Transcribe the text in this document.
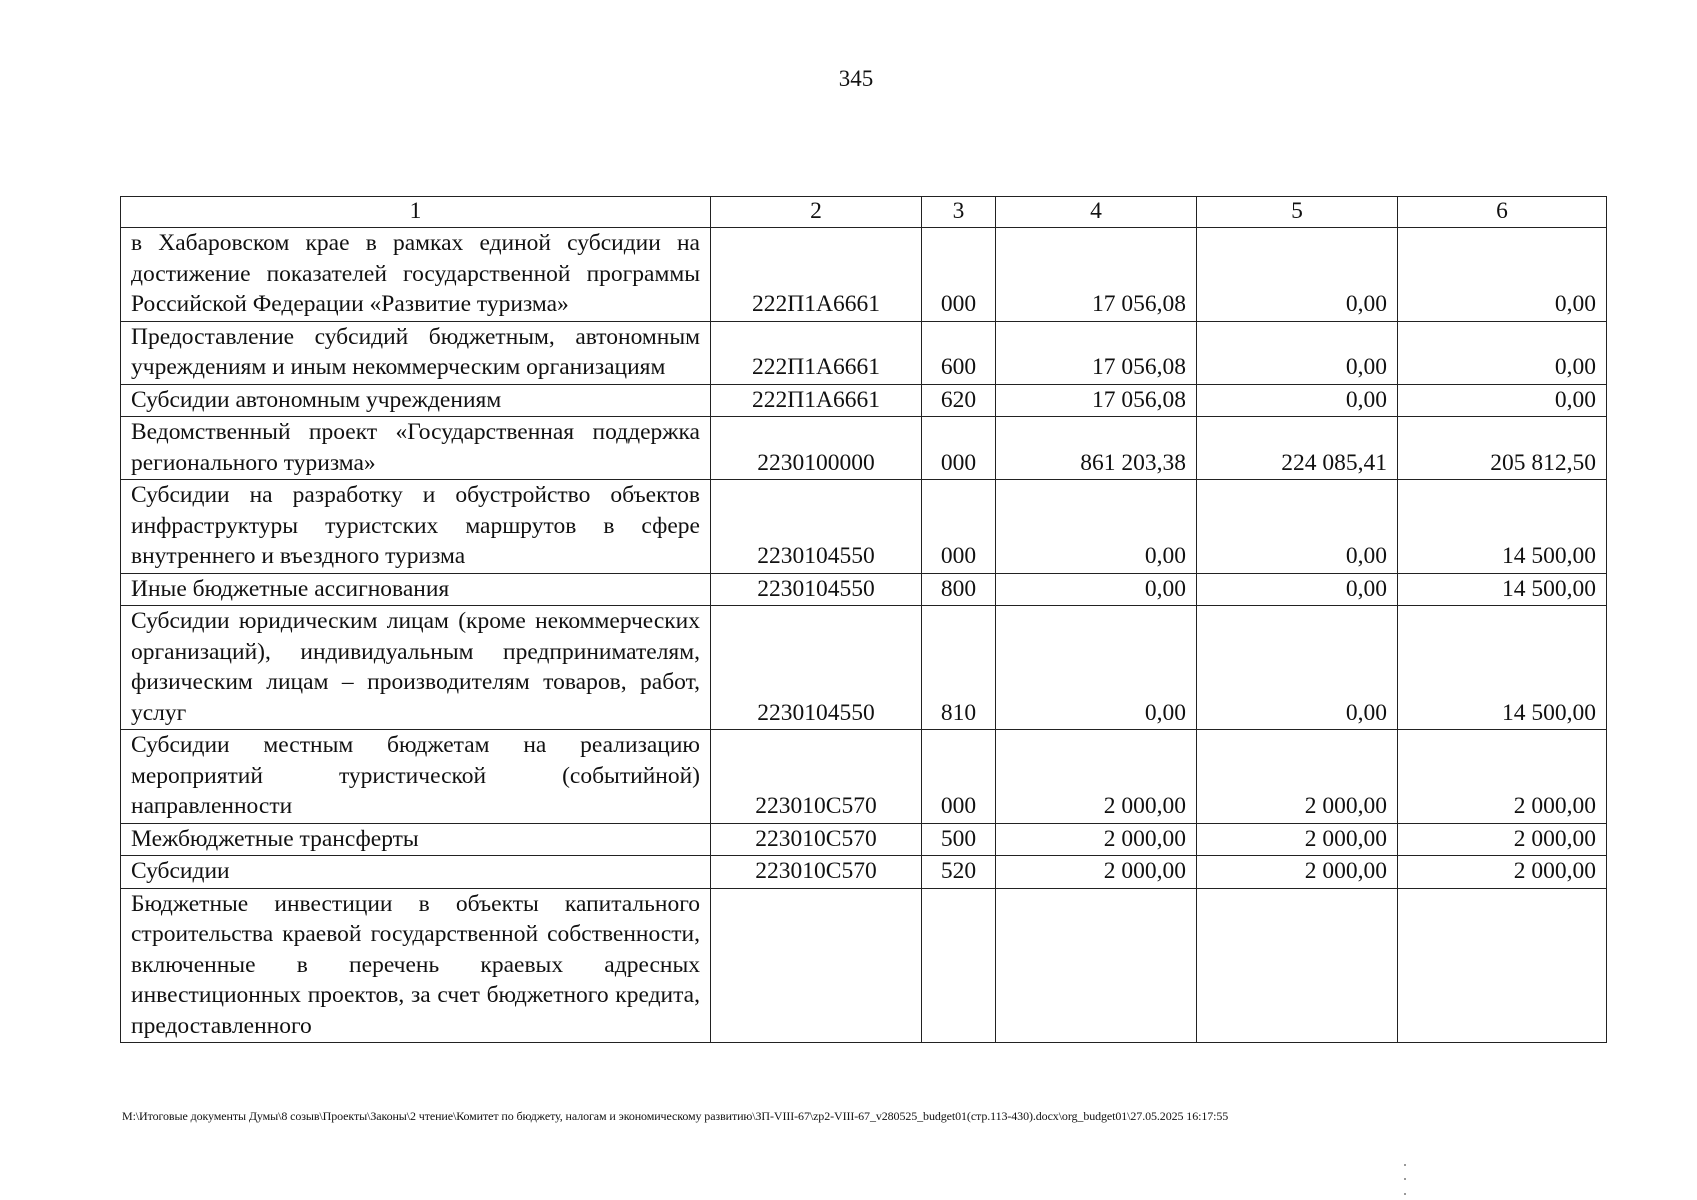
345
1	2	3	4	5	6
в Хабаровском крае в рамках единой субсидии на достижение показателей государственной программы Российской Федерации «Развитие туризма»	222П1А6661	000	17 056,08	0,00	0,00
Предоставление субсидий бюджетным, автономным учреждениям и иным некоммерческим организациям	222П1А6661	600	17 056,08	0,00	0,00
Субсидии автономным учреждениям	222П1А6661	620	17 056,08	0,00	0,00
Ведомственный проект «Государственная поддержка регионального туризма»	2230100000	000	861 203,38	224 085,41	205 812,50
Субсидии на разработку и обустройство объектов инфраструктуры туристских маршрутов в сфере внутреннего и въездного туризма	2230104550	000	0,00	0,00	14 500,00
Иные бюджетные ассигнования	2230104550	800	0,00	0,00	14 500,00
Субсидии юридическим лицам (кроме некоммерческих организаций), индивидуальным предпринимателям, физическим лицам – производителям товаров, работ, услуг	2230104550	810	0,00	0,00	14 500,00
Субсидии местным бюджетам на реализацию мероприятий туристической (событийной) направленности	223010С570	000	2 000,00	2 000,00	2 000,00
Межбюджетные трансферты	223010С570	500	2 000,00	2 000,00	2 000,00
Субсидии	223010С570	520	2 000,00	2 000,00	2 000,00
Бюджетные инвестиции в объекты капитального строительства краевой государственной собственности, включенные в перечень краевых адресных инвестиционных проектов, за счет бюджетного кредита, предоставленного					
M:\Итоговые документы Думы\8 созыв\Проекты\Законы\2 чтение\Комитет по бюджету, налогам и экономическому развитию\ЗП-VIII-67\zp2-VIII-67_v280525_budget01(стр.113-430).docx\org_budget01\27.05.2025 16:17:55
